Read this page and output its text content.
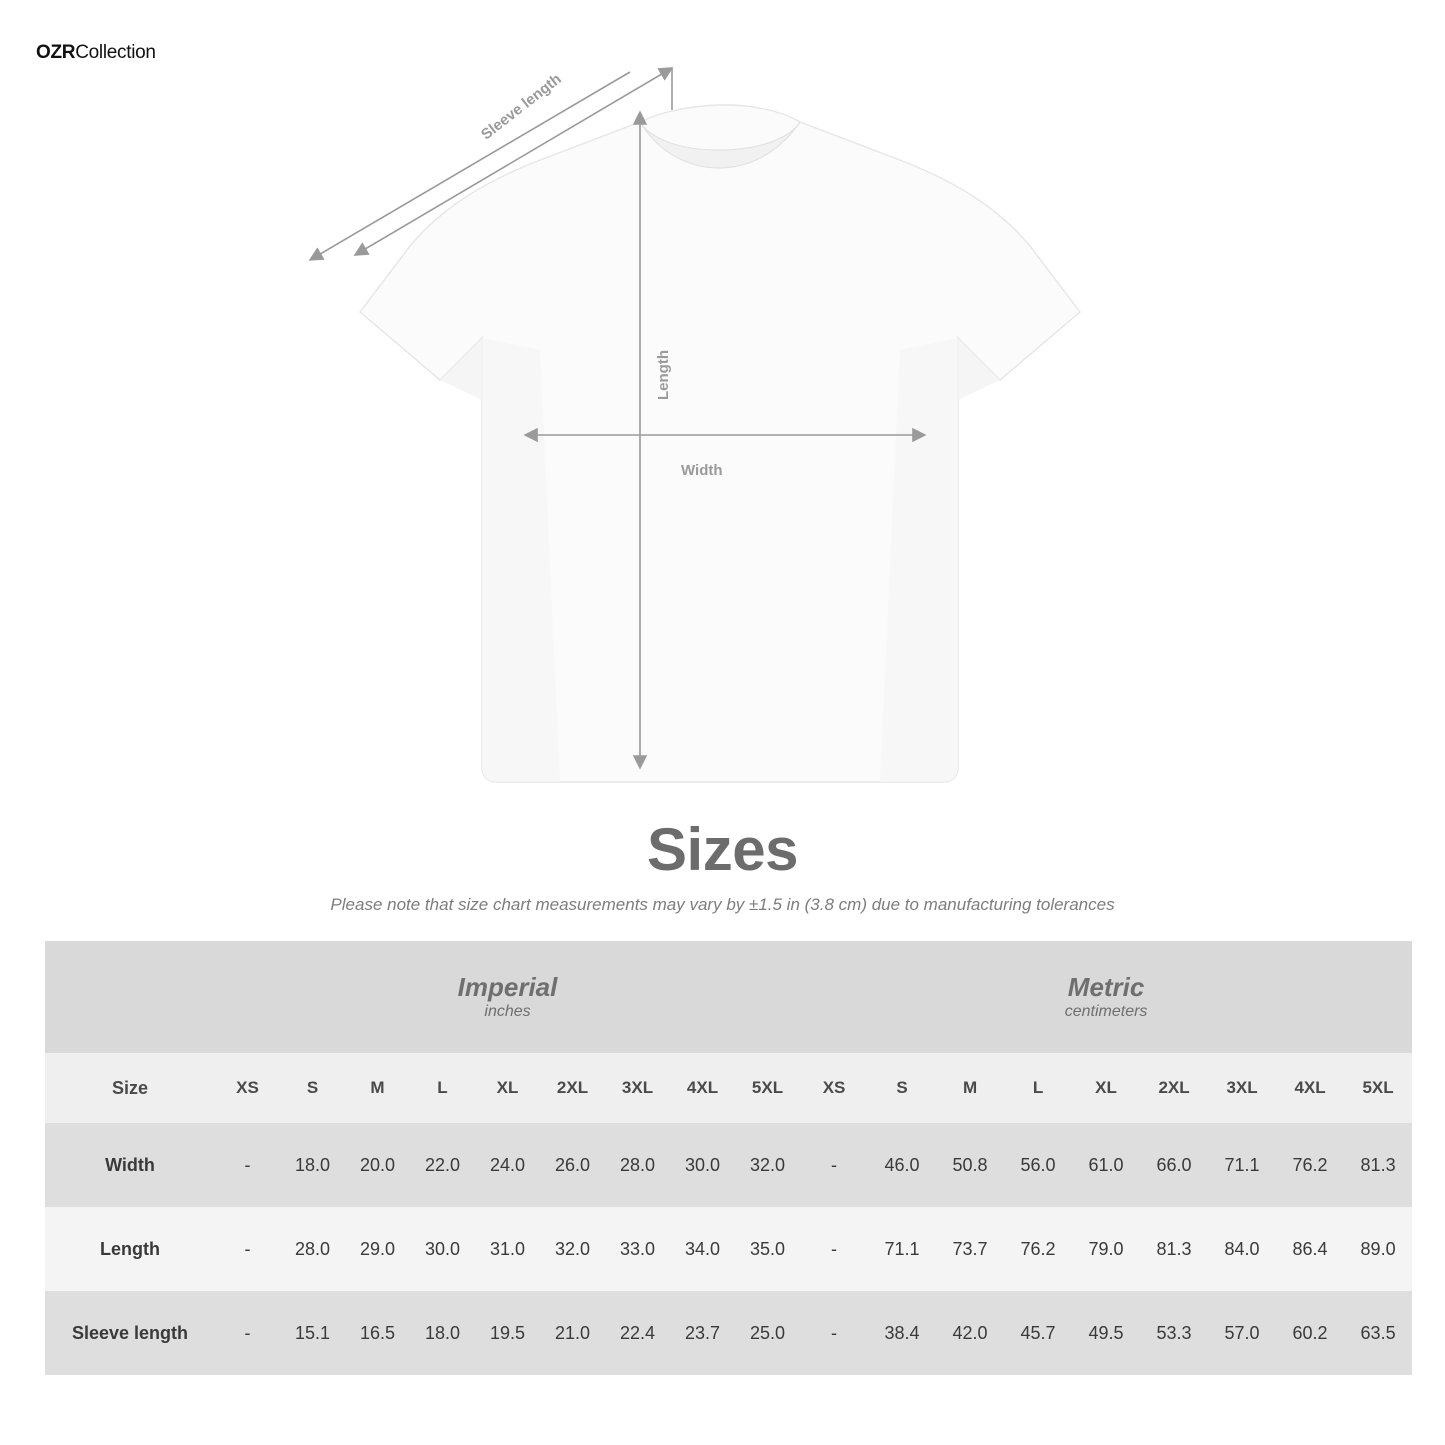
OZRCollection
Sleeve length
Length
Width
Sizes
Please note that size chart measurements may vary by ±1.5 in (3.8 cm) due to manufacturing tolerances

Imperial
inches

Metric
centimeters

Size	XS	S	M	L	XL	2XL	3XL	4XL	5XL	XS	S	M	L	XL	2XL	3XL	4XL	5XL
Width	-	18.0	20.0	22.0	24.0	26.0	28.0	30.0	32.0	-	46.0	50.8	56.0	61.0	66.0	71.1	76.2	81.3
Length	-	28.0	29.0	30.0	31.0	32.0	33.0	34.0	35.0	-	71.1	73.7	76.2	79.0	81.3	84.0	86.4	89.0
Sleeve length	-	15.1	16.5	18.0	19.5	21.0	22.4	23.7	25.0	-	38.4	42.0	45.7	49.5	53.3	57.0	60.2	63.5
